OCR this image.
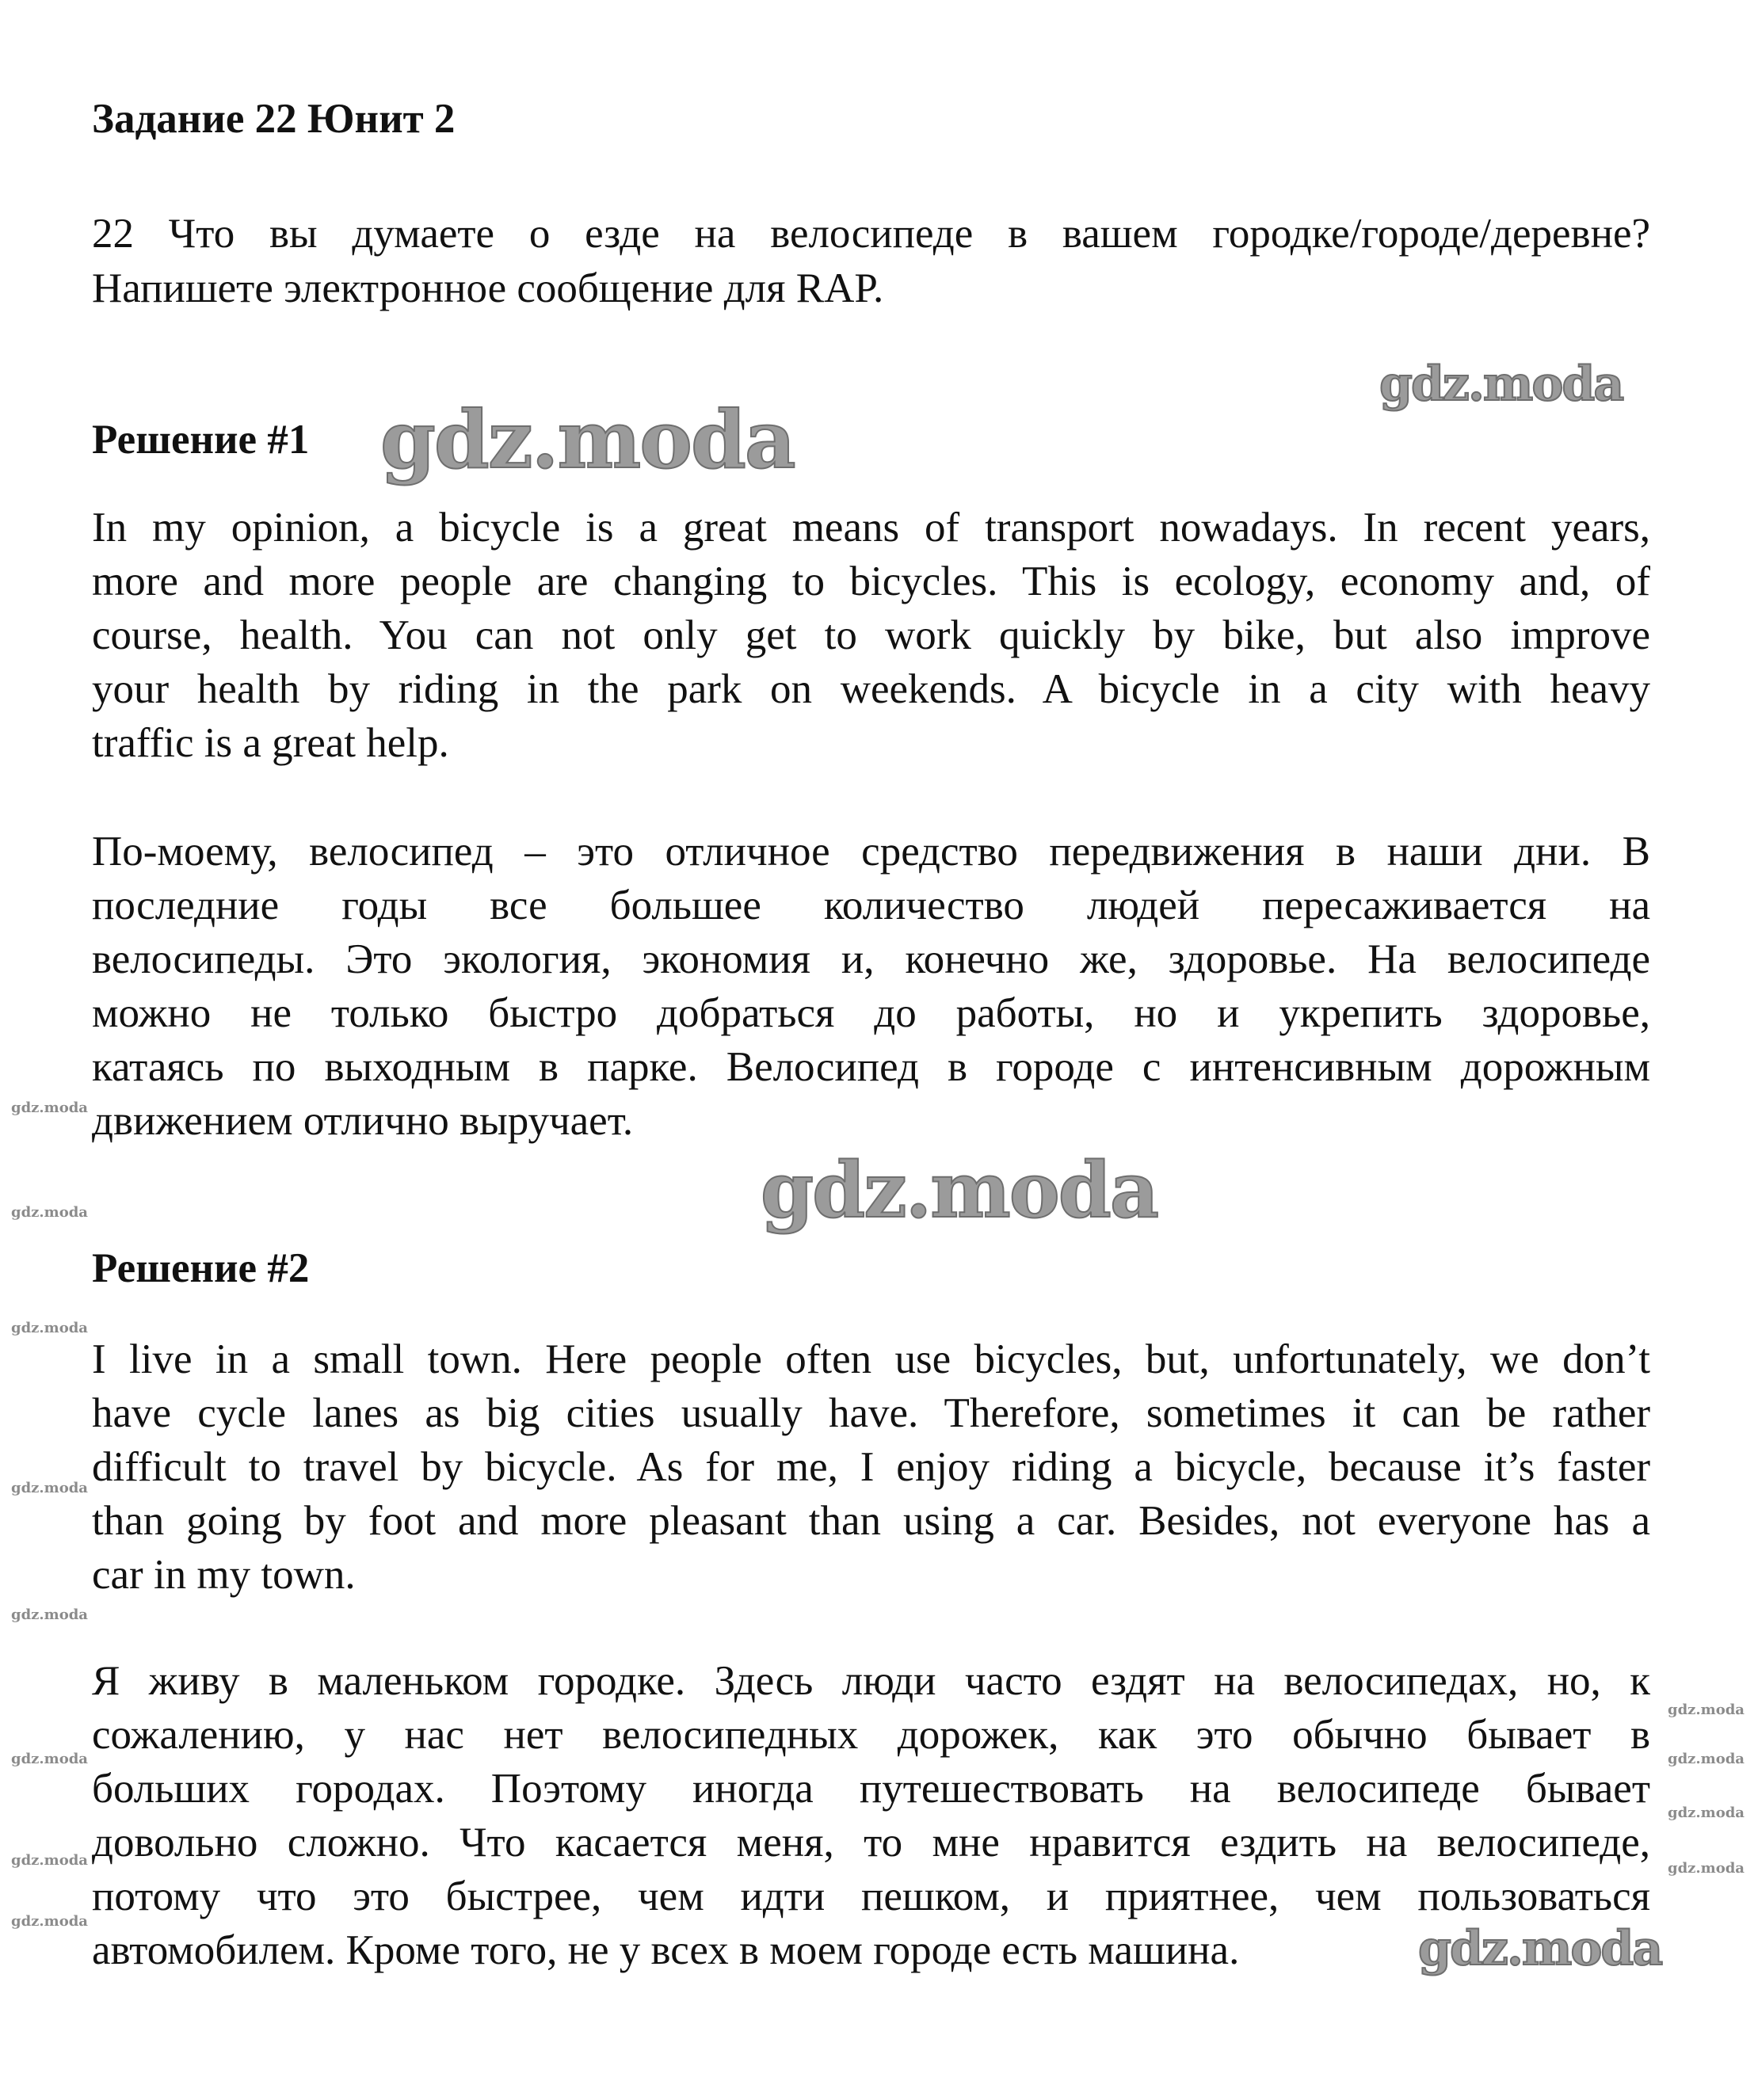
Задание 22 Юнит 2
22 Что вы думаете о езде на велосипеде в вашем городке/городе/деревне?
Напишете электронное сообщение для RAP.
Решение #1
In my opinion, a bicycle is a great means of transport nowadays. In recent years,
more and more people are changing to bicycles. This is ecology, economy and, of
course, health. You can not only get to work quickly by bike, but also improve
your health by riding in the park on weekends. A bicycle in a city with heavy
traffic is a great help.
По-моему, велосипед – это отличное средство передвижения в наши дни. В
последние годы все большее количество людей пересаживается на
велосипеды. Это экология, экономия и, конечно же, здоровье. На велосипеде
можно не только быстро добраться до работы, но и укрепить здоровье,
катаясь по выходным в парке. Велосипед в городе с интенсивным дорожным
движением отлично выручает.
Решение #2
I live in a small town. Here people often use bicycles, but, unfortunately, we don’t
have cycle lanes as big cities usually have. Therefore, sometimes it can be rather
difficult to travel by bicycle. As for me, I enjoy riding a bicycle, because it’s faster
than going by foot and more pleasant than using a car. Besides, not everyone has a
car in my town.
Я живу в маленьком городке. Здесь люди часто ездят на велосипедах, но, к
сожалению, у нас нет велосипедных дорожек, как это обычно бывает в
больших городах. Поэтому иногда путешествовать на велосипеде бывает
довольно сложно. Что касается меня, то мне нравится ездить на велосипеде,
потому что это быстрее, чем идти пешком, и приятнее, чем пользоваться
автомобилем. Кроме того, не у всех в моем городе есть машина.
gdz.moda
gdz.moda
gdz.moda
gdz.moda
gdz.moda
gdz.moda
gdz.moda
gdz.moda
gdz.moda
gdz.moda
gdz.moda
gdz.moda
gdz.moda
gdz.moda
gdz.moda
gdz.moda
